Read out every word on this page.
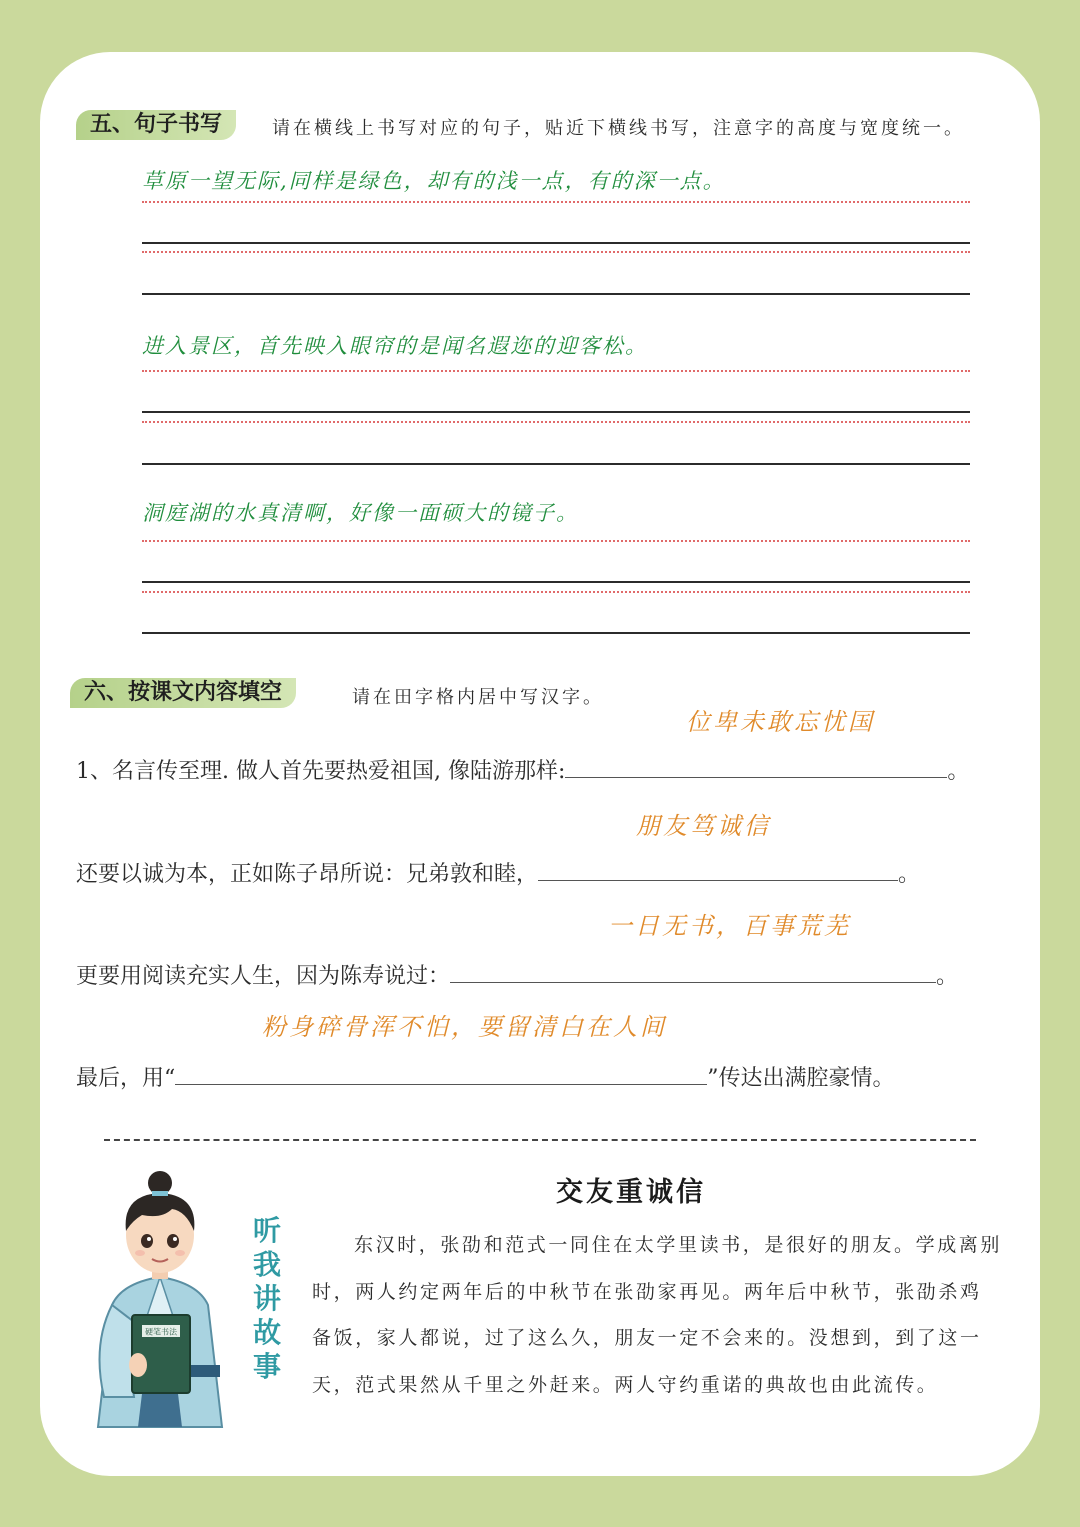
五、句子书写	请在横线上书写对应的句子，贴近下横线书写，注意字的高度与宽度统一。
草原一望无际,同样是绿色，却有的浅一点，有的深一点。
进入景区，首先映入眼帘的是闻名遐迩的迎客松。
洞庭湖的水真清啊，好像一面硕大的镜子。
六、按课文内容填空	请在田字格内居中写汉字。
位卑未敢忘忧国
1、名言传至理. 做人首先要热爱祖国, 像陆游那样:	。
朋友笃诚信
还要以诚为本，正如陈子昂所说：兄弟敦和睦，	。
一日无书，百事荒芜
更要用阅读充实人生，因为陈寿说过：	。
粉身碎骨浑不怕，要留清白在人间
最后，用“	”传达出满腔豪情。
硬笔书法
听
我
讲
故
事
交友重诚信
东汉时，张劭和范式一同住在太学里读书，是很好的朋友。学成离别时，两人约定两年后的中秋节在张劭家再见。两年后中秋节，张劭杀鸡备饭，家人都说，过了这么久，朋友一定不会来的。没想到，到了这一天，范式果然从千里之外赶来。两人守约重诺的典故也由此流传。
